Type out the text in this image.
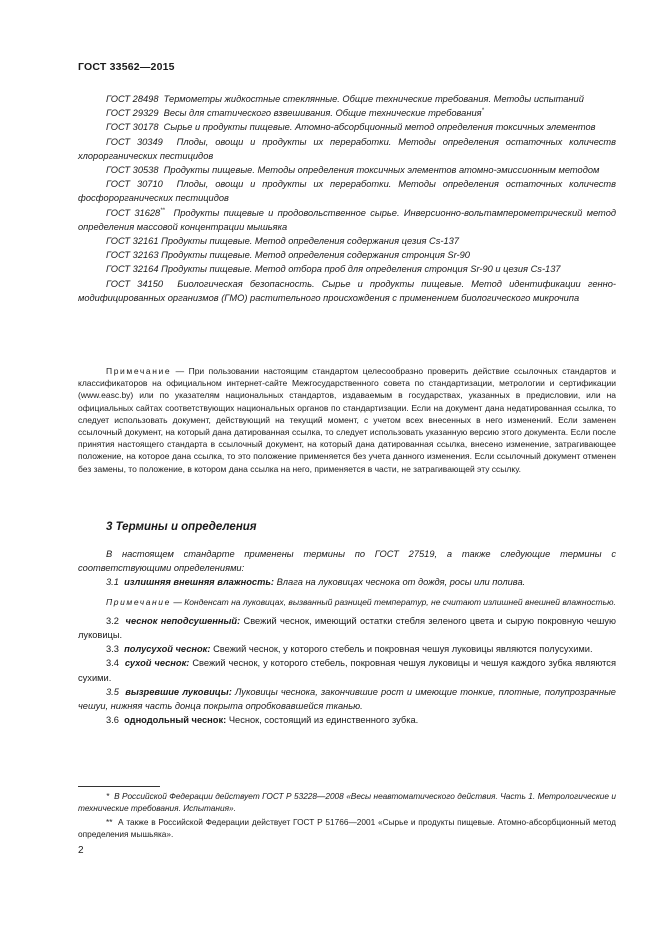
ГОСТ 33562—2015

ГОСТ 28498 Термометры жидкостные стеклянные. Общие технические требования. Методы испытаний

ГОСТ 29329 Весы для статического взвешивания. Общие технические требования*

ГОСТ 30178 Сырье и продукты пищевые. Атомно-абсорбционный метод определения токсичных элементов

ГОСТ 30349 Плоды, овощи и продукты их переработки. Методы определения остаточных количеств хлорорганических пестицидов

ГОСТ 30538 Продукты пищевые. Методы определения токсичных элементов атомно-эмиссионным методом

ГОСТ 30710 Плоды, овощи и продукты их переработки. Методы определения остаточных количеств фосфорорганических пестицидов

ГОСТ 31628** Продукты пищевые и продовольственное сырье. Инверсионно-вольтамперометрический метод определения массовой концентрации мышьяка

ГОСТ 32161 Продукты пищевые. Метод определения содержания цезия Cs-137

ГОСТ 32163 Продукты пищевые. Метод определения содержания стронция Sr-90

ГОСТ 32164 Продукты пищевые. Метод отбора проб для определения стронция Sr-90 и цезия Cs-137

ГОСТ 34150 Биологическая безопасность. Сырье и продукты пищевые. Метод идентификации генно-модифицированных организмов (ГМО) растительного происхождения с применением биологического микрочипа

Примечание — При пользовании настоящим стандартом целесообразно проверить действие ссылочных стандартов и классификаторов на официальном интернет-сайте Межгосударственного совета по стандартизации, метрологии и сертификации (www.easc.by) или по указателям национальных стандартов, издаваемым в государствах, указанных в предисловии, или на официальных сайтах соответствующих национальных органов по стандартизации. Если на документ дана недатированная ссылка, то следует использовать документ, действующий на текущий момент, с учетом всех внесенных в него изменений. Если заменен ссылочный документ, на который дана датированная ссылка, то следует использовать указанную версию этого документа. Если после принятия настоящего стандарта в ссылочный документ, на который дана датированная ссылка, внесено изменение, затрагивающее положение, на которое дана ссылка, то это положение применяется без учета данного изменения. Если ссылочный документ отменен без замены, то положение, в котором дана ссылка на него, применяется в части, не затрагивающей эту ссылку.

3 Термины и определения

В настоящем стандарте применены термины по ГОСТ 27519, а также следующие термины с соответствующими определениями:

3.1 излишняя внешняя влажность: Влага на луковицах чеснока от дождя, росы или полива.

Примечание — Конденсат на луковицах, вызванный разницей температур, не считают излишней внешней влажностью.

3.2 чеснок неподсушенный: Свежий чеснок, имеющий остатки стебля зеленого цвета и сырую покровную чешую луковицы.

3.3 полусухой чеснок: Свежий чеснок, у которого стебель и покровная чешуя луковицы являются полусухими.

3.4 сухой чеснок: Свежий чеснок, у которого стебель, покровная чешуя луковицы и чешуя каждого зубка являются сухими.

3.5 вызревшие луковицы: Луковицы чеснока, закончившие рост и имеющие тонкие, плотные, полупрозрачные чешуи, нижняя часть донца покрыта опробковавшейся тканью.

3.6 однодольный чеснок: Чеснок, состоящий из единственного зубка.

* В Российской Федерации действует ГОСТ Р 53228—2008 «Весы неавтоматического действия. Часть 1. Метрологические и технические требования. Испытания».

** А также в Российской Федерации действует ГОСТ Р 51766—2001 «Сырье и продукты пищевые. Атомно-абсорбционный метод определения мышьяка».

2
